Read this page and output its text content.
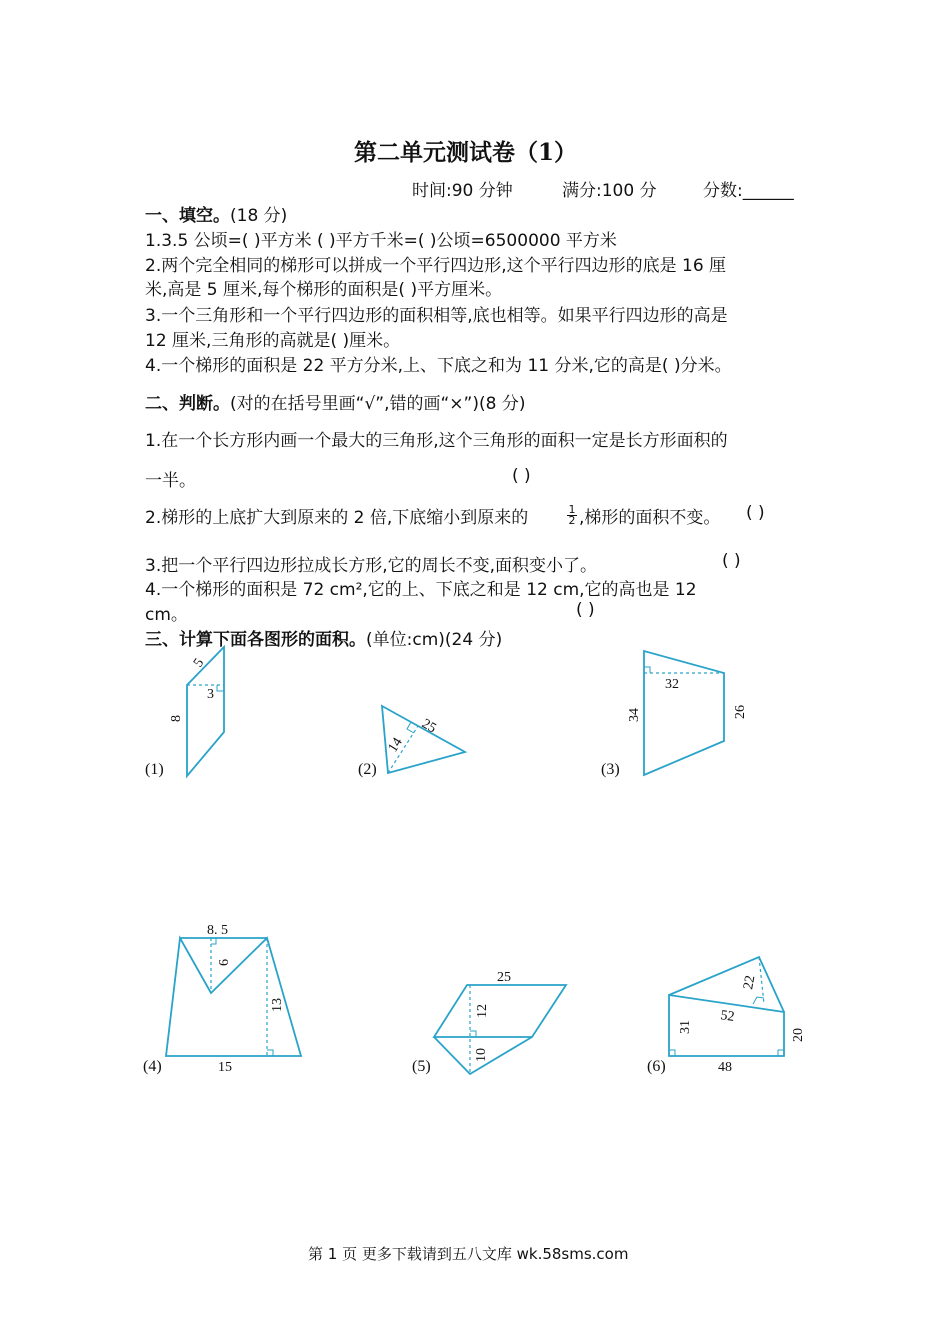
第二单元测试卷（1）
时间:90 分钟	满分:100 分	分数:______
一、填空。(18 分)
1.3.5 公顷=( )平方米 ( )平方千米=( )公顷=6500000 平方米
2.两个完全相同的梯形可以拼成一个平行四边形,这个平行四边形的底是 16 厘
米,高是 5 厘米,每个梯形的面积是( )平方厘米。
3.一个三角形和一个平行四边形的面积相等,底也相等。如果平行四边形的高是
12 厘米,三角形的高就是( )厘米。
4.一个梯形的面积是 22 平方分米,上、下底之和为 11 分米,它的高是( )分米。
二、判断。(对的在括号里画“√”,错的画“×”)(8 分)
1.在一个长方形内画一个最大的三角形,这个三角形的面积一定是长方形面积的
一半。	( )
2.梯形的上底扩大到原来的 2 倍,下底缩小到原来的	$\frac{1}{2}$ ,梯形的面积不变。 ( )
3.把一个平行四边形拉成长方形,它的周长不变,面积变小了。	( )
4.一个梯形的面积是 72 cm²,它的上、下底之和是 12 cm,它的高也是 12
cm。	( )
三、计算下面各图形的面积。(单位:cm)(24 分)
(1)	(2)	(3)
(4)	(5)	(6)
5
3
8	25
14
32
34	26
8. 5
6
13
15
25
12
10
22
52
31
20
48
第 1 页 更多下载请到五八文库 wk.58sms.com
